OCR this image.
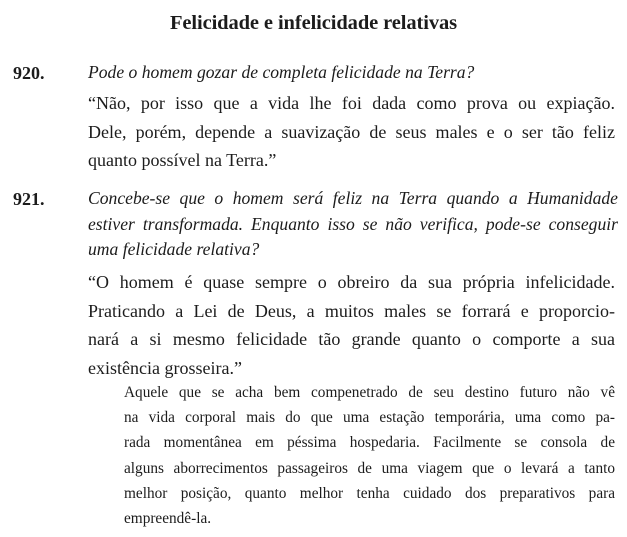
Felicidade e infelicidade relativas
920. Pode o homem gozar de completa felicidade na Terra?
“Não, por isso que a vida lhe foi dada como prova ou expiação.
Dele, porém, depende a suavização de seus males e o ser tão feliz
quanto possível na Terra.”
921. Concebe-se que o homem será feliz na Terra quando a Humanidade
estiver transformada. Enquanto isso se não verifica, pode-se conseguir
uma felicidade relativa?
“O homem é quase sempre o obreiro da sua própria infelicidade.
Praticando a Lei de Deus, a muitos males se forrará e proporcio-
nará a si mesmo felicidade tão grande quanto o comporte a sua
existência grosseira.”
Aquele que se acha bem compenetrado de seu destino futuro não vê
na vida corporal mais do que uma estação temporária, uma como pa-
rada momentânea em péssima hospedaria. Facilmente se consola de
alguns aborrecimentos passageiros de uma viagem que o levará a tanto
melhor posição, quanto melhor tenha cuidado dos preparativos para
empreendê-la.
